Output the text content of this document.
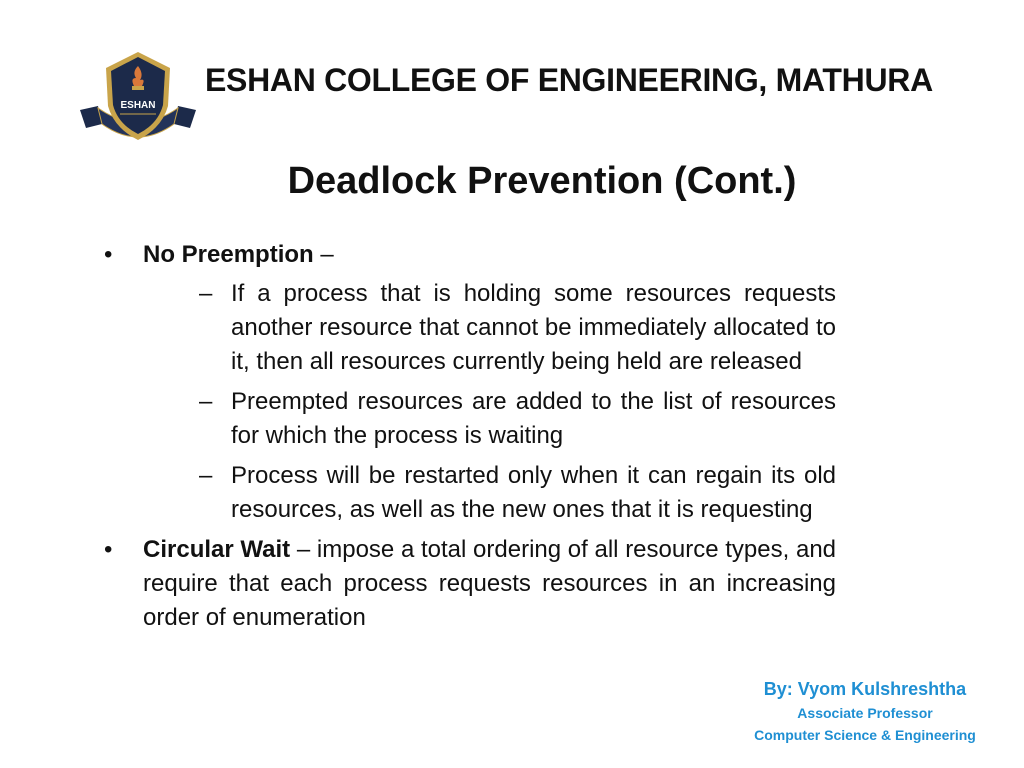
ESHAN
ESHAN COLLEGE OF ENGINEERING, MATHURA
Deadlock Prevention (Cont.)
• No Preemption –
– If a process that is holding some resources requests another resource that cannot be immediately allocated to it, then all resources currently being held are released
– Preempted resources are added to the list of resources for which the process is waiting
– Process will be restarted only when it can regain its old resources, as well as the new ones that it is requesting
• Circular Wait – impose a total ordering of all resource types, and require that each process requests resources in an increasing order of enumeration
By: Vyom Kulshreshtha
Associate Professor
Computer Science & Engineering
